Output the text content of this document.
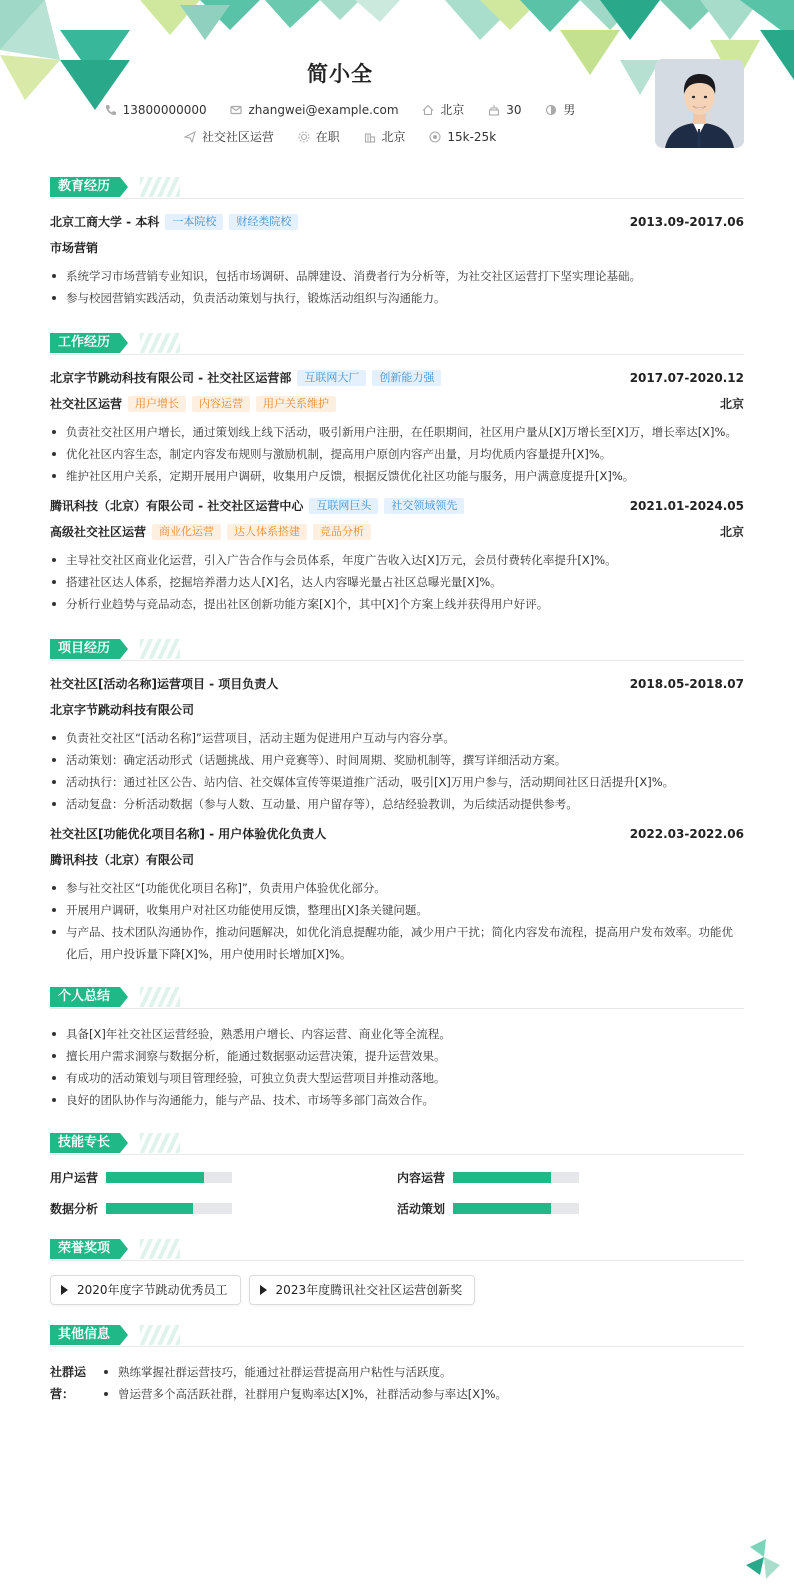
简小全
13800000000	zhangwei@example.com	北京	30	男
社交社区运营	在职	北京	15k-25k
教育经历
北京工商大学 - 本科	一本院校	财经类院校	2013.09-2017.06
市场营销
系统学习市场营销专业知识，包括市场调研、品牌建设、消费者行为分析等，为社交社区运营打下坚实理论基础。
参与校园营销实践活动，负责活动策划与执行，锻炼活动组织与沟通能力。
工作经历
北京字节跳动科技有限公司 - 社交社区运营部	互联网大厂	创新能力强	2017.07-2020.12
社交社区运营	用户增长	内容运营	用户关系维护	北京
负责社交社区用户增长，通过策划线上线下活动，吸引新用户注册，在任职期间，社区用户量从[X]万增长至[X]万，增长率达[X]%。
优化社区内容生态，制定内容发布规则与激励机制，提高用户原创内容产出量，月均优质内容量提升[X]%。
维护社区用户关系，定期开展用户调研，收集用户反馈，根据反馈优化社区功能与服务，用户满意度提升[X]%。
腾讯科技（北京）有限公司 - 社交社区运营中心	互联网巨头	社交领域领先	2021.01-2024.05
高级社交社区运营	商业化运营	达人体系搭建	竞品分析	北京
主导社交社区商业化运营，引入广告合作与会员体系，年度广告收入达[X]万元，会员付费转化率提升[X]%。
搭建社区达人体系，挖掘培养潜力达人[X]名，达人内容曝光量占社区总曝光量[X]%。
分析行业趋势与竞品动态，提出社区创新功能方案[X]个，其中[X]个方案上线并获得用户好评。
项目经历
社交社区[活动名称]运营项目 - 项目负责人	2018.05-2018.07
北京字节跳动科技有限公司
负责社交社区“[活动名称]”运营项目，活动主题为促进用户互动与内容分享。
活动策划：确定活动形式（话题挑战、用户竞赛等）、时间周期、奖励机制等，撰写详细活动方案。
活动执行：通过社区公告、站内信、社交媒体宣传等渠道推广活动，吸引[X]万用户参与，活动期间社区日活提升[X]%。
活动复盘：分析活动数据（参与人数、互动量、用户留存等），总结经验教训，为后续活动提供参考。
社交社区[功能优化项目名称] - 用户体验优化负责人	2022.03-2022.06
腾讯科技（北京）有限公司
参与社交社区“[功能优化项目名称]”，负责用户体验优化部分。
开展用户调研，收集用户对社区功能使用反馈，整理出[X]条关键问题。
与产品、技术团队沟通协作，推动问题解决，如优化消息提醒功能，减少用户干扰；简化内容发布流程，提高用户发布效率。功能优化后，用户投诉量下降[X]%，用户使用时长增加[X]%。
个人总结
具备[X]年社交社区运营经验，熟悉用户增长、内容运营、商业化等全流程。
擅长用户需求洞察与数据分析，能通过数据驱动运营决策，提升运营效果。
有成功的活动策划与项目管理经验，可独立负责大型运营项目并推动落地。
良好的团队协作与沟通能力，能与产品、技术、市场等多部门高效合作。
技能专长
用户运营	内容运营
数据分析	活动策划
荣誉奖项
2020年度字节跳动优秀员工	2023年度腾讯社交社区运营创新奖
其他信息
社群运营：
熟练掌握社群运营技巧，能通过社群运营提高用户粘性与活跃度。
曾运营多个高活跃社群，社群用户复购率达[X]%，社群活动参与率达[X]%。
